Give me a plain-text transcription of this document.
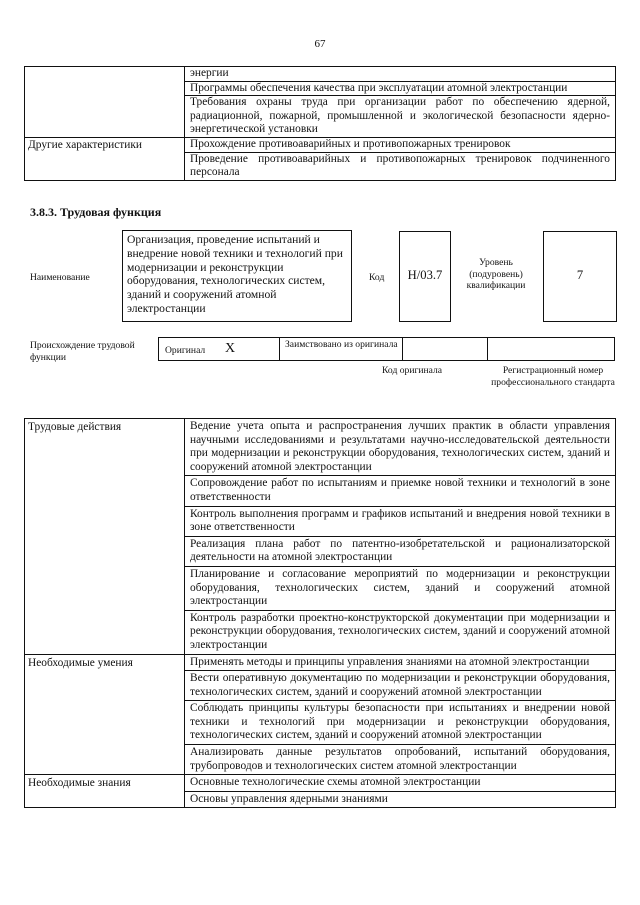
67
	энергии
	Программы обеспечения качества при эксплуатации атомной электростанции
	Требования охраны труда при организации работ по обеспечению ядерной, радиационной, пожарной, промышленной и экологической безопасности ядерно-энергетической установки
Другие характеристики	Прохождение противоаварийных и противопожарных тренировок
	Проведение противоаварийных и противопожарных тренировок подчиненного персонала
3.8.3. Трудовая функция
Наименование
Организация, проведение испытаний и внедрение новой техники и технологий при модернизации и реконструкции оборудования, технологических систем, зданий и сооружений атомной электростанции
Код	H/03.7
Уровень (подуровень) квалификации
7
Происхождение трудовой функции
Оригинал X	Заимствовано из оригинала
Код оригинала	Регистрационный номер профессионального стандарта
Трудовые действия	Ведение учета опыта и распространения лучших практик в области управления научными исследованиями и результатами научно-исследовательской деятельности при модернизации и реконструкции оборудования, технологических систем, зданий и сооружений атомной электростанции
	Сопровождение работ по испытаниям и приемке новой техники и технологий в зоне ответственности
	Контроль выполнения программ и графиков испытаний и внедрения новой техники в зоне ответственности
	Реализация плана работ по патентно-изобретательской и рационализаторской деятельности на атомной электростанции
	Планирование и согласование мероприятий по модернизации и реконструкции оборудования, технологических систем, зданий и сооружений атомной электростанции
	Контроль разработки проектно-конструкторской документации при модернизации и реконструкции оборудования, технологических систем, зданий и сооружений атомной электростанции
Необходимые умения	Применять методы и принципы управления знаниями на атомной электростанции
	Вести оперативную документацию по модернизации и реконструкции оборудования, технологических систем, зданий и сооружений атомной электростанции
	Соблюдать принципы культуры безопасности при испытаниях и внедрении новой техники и технологий при модернизации и реконструкции оборудования, технологических систем, зданий и сооружений атомной электростанции
	Анализировать данные результатов опробований, испытаний оборудования, трубопроводов и технологических систем атомной электростанции
Необходимые знания	Основные технологические схемы атомной электростанции
	Основы управления ядерными знаниями
